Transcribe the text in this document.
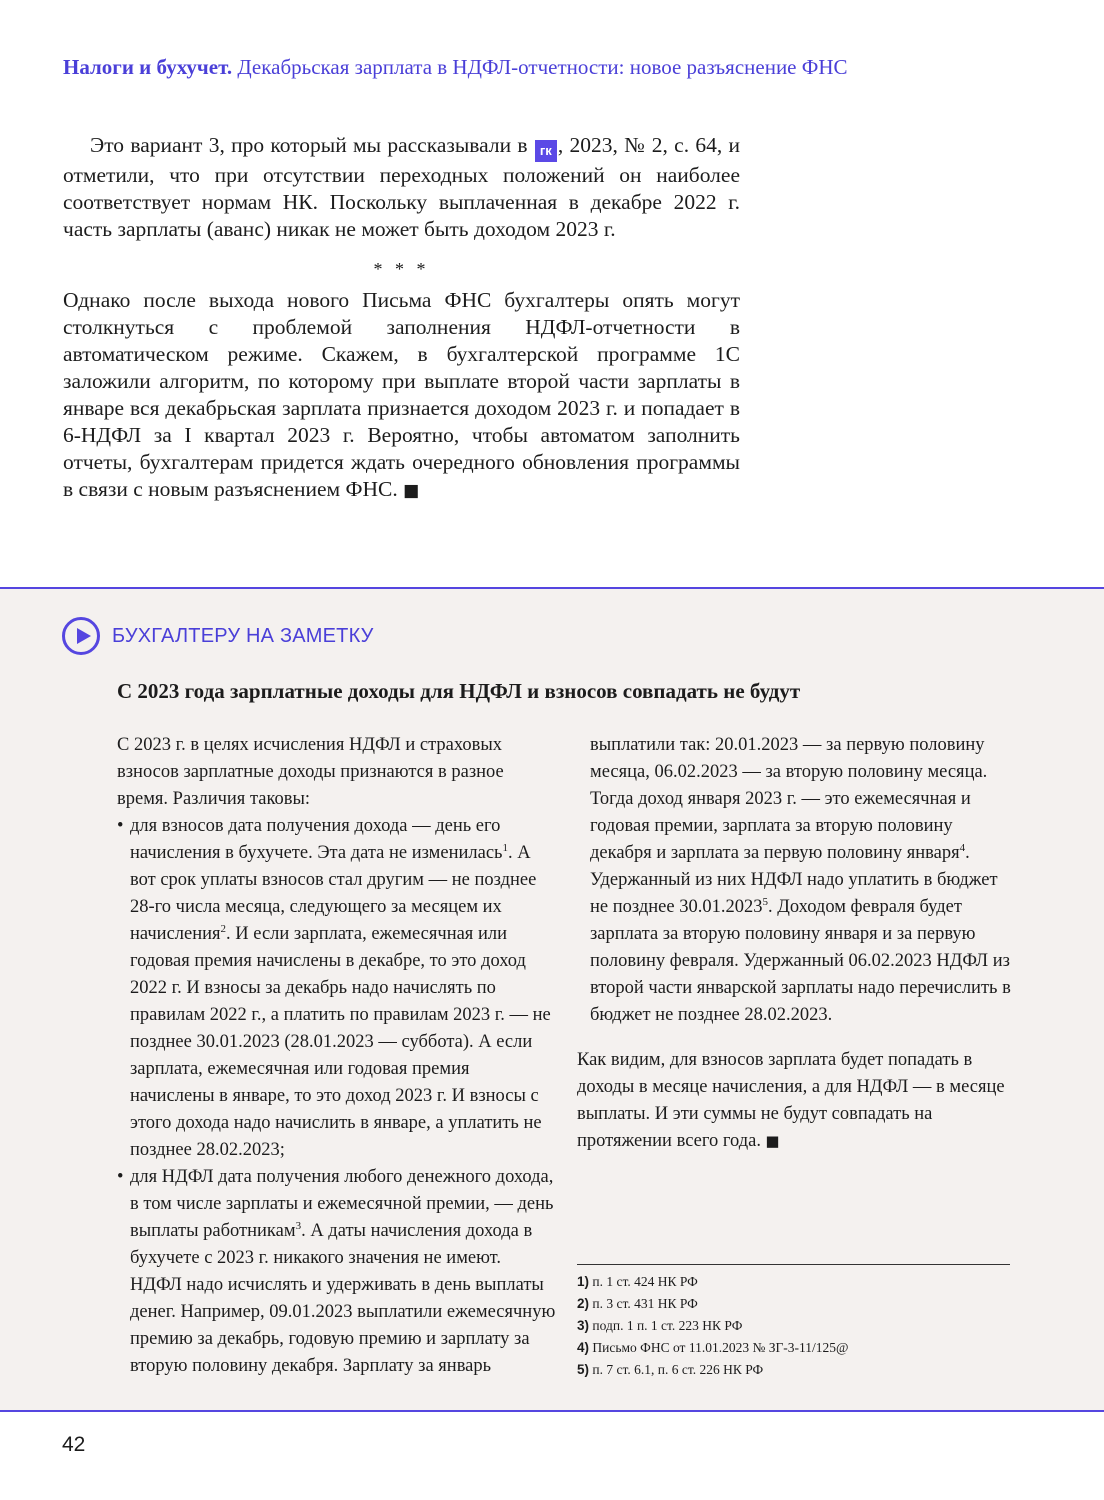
Налоги и бухучет. Декабрьская зарплата в НДФЛ-отчетности: новое разъяснение ФНС

Это вариант 3, про который мы рассказывали в гк , 2023, № 2, с. 64, и отметили, что при отсутствии переходных положений он наиболее соответствует нормам НК. Поскольку выплаченная в декабре 2022 г. часть зарплаты (аванс) никак не может быть доходом 2023 г.

* * *

Однако после выхода нового Письма ФНС бухгалтеры опять могут столкнуться с проблемой заполнения НДФЛ-отчетности в автоматическом режиме. Скажем, в бухгалтерской программе 1С заложили алгоритм, по которому при выплате второй части зарплаты в январе вся декабрьская зарплата признается доходом 2023 г. и попадает в 6-НДФЛ за I квартал 2023 г. Вероятно, чтобы автоматом заполнить отчеты, бухгалтерам придется ждать очередного обновления программы в связи с новым разъяснением ФНС. ■

БУХГАЛТЕРУ НА ЗАМЕТКУ
С 2023 года зарплатные доходы для НДФЛ и взносов совпадать не будут

С 2023 г. в целях исчисления НДФЛ и страховых взносов зарплатные доходы признаются в разное время. Различия таковы:

• для взносов дата получения дохода — день его начисления в бухучете. Эта дата не изменилась$^1$. А вот срок уплаты взносов стал другим — не позднее 28-го числа месяца, следующего за месяцем их начисления$^2$. И если зарплата, ежемесячная или годовая премия начислены в декабре, то это доход 2022 г. И взносы за декабрь надо начислять по правилам 2022 г., а платить по правилам 2023 г. — не позднее 30.01.2023 (28.01.2023 — суббота). А если зарплата, ежемесячная или годовая премия начислены в январе, то это доход 2023 г. И взносы с этого дохода надо начислить в январе, а уплатить не позднее 28.02.2023;
• для НДФЛ дата получения любого денежного дохода, в том числе зарплаты и ежемесячной премии, — день выплаты работникам$^3$. А даты начисления дохода в бухучете с 2023 г. никакого значения не имеют. НДФЛ надо исчислять и удерживать в день выплаты денег. Например, 09.01.2023 выплатили ежемесячную премию за декабрь, годовую премию и зарплату за вторую половину декабря. Зарплату за январь
1) п. 1 ст. 424 НК РФ
2) п. 3 ст. 431 НК РФ
3) подп. 1 п. 1 ст. 223 НК РФ
4) Письмо ФНС от 11.01.2023 № ЗГ-3-11/125@
5) п. 7 ст. 6.1, п. 6 ст. 226 НК РФ

выплатили так: 20.01.2023 — за первую половину месяца, 06.02.2023 — за вторую половину месяца. Тогда доход января 2023 г. — это ежемесячная и годовая премии, зарплата за вторую половину декабря и зарплата за первую половину января$^4$. Удержанный из них НДФЛ надо уплатить в бюджет не позднее 30.01.2023$^5$. Доходом февраля будет зарплата за вторую половину января и за первую половину февраля. Удержанный 06.02.2023 НДФЛ из второй части январской зарплаты надо перечислить в бюджет не позднее 28.02.2023.

Как видим, для взносов зарплата будет попадать в доходы в месяце начисления, а для НДФЛ — в месяце выплаты. И эти суммы не будут совпадать на протяжении всего года. ■

42
